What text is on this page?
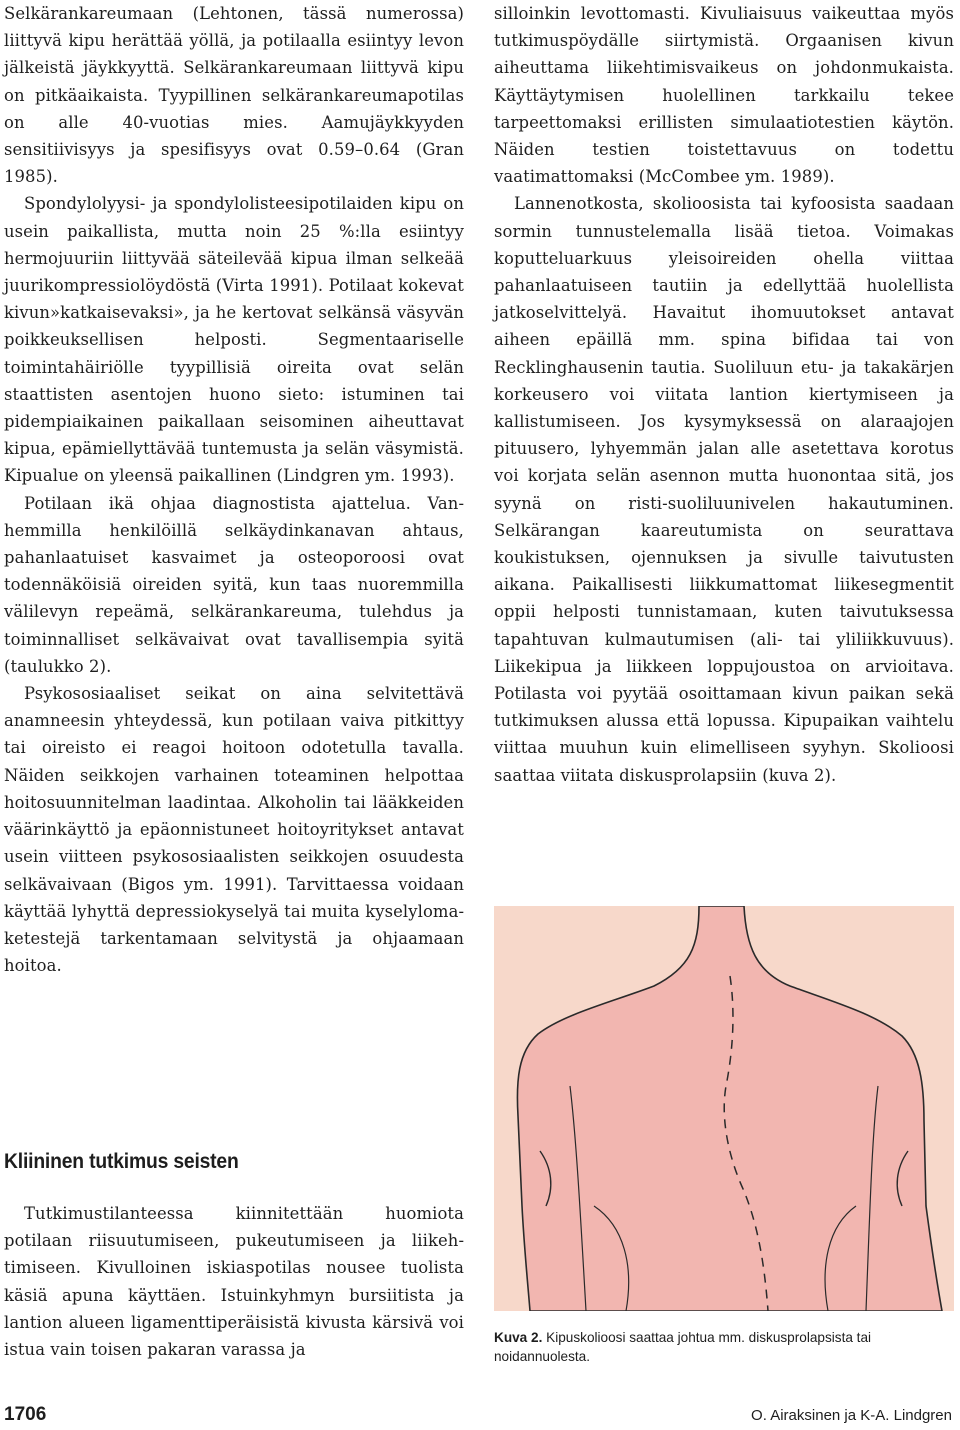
Selkärankareumaan (Lehtonen, tässä numerossa) liittyvä kipu herättää yöllä, ja potilaalla esiintyy levon jälkeistä jäykkyyttä. Selkärankareumaan liittyvä kipu on pitkäaikaista. Tyypillinen selkärankareumapotilas on alle 40-vuotias mies. Aamujäykkyyden sensitiivisyys ja spesifisyys ovat 0.59–0.64 (Gran 1985).

Spondylolyysi- ja spondylolisteesipotilaiden kipu on usein paikallista, mutta noin 25 %:lla esiintyy hermojuuriin liittyvää säteilevää kipua ilman selkeää juurikompressiolöydöstä (Virta 1991). Potilaat kokevat kivun»katkaisevaksi», ja he kertovat selkänsä väsyvän poikkeuksellisen helposti. Segmentaariselle toimintahäiriölle tyypillisiä oireita ovat selän staattisten asentojen huono sieto: istuminen tai pidempiaikainen paikallaan seisominen aiheuttavat kipua, epämiellyttävää tuntemusta ja selän väsymistä. Kipualue on yleensä paikallinen (Lindgren ym. 1993).

Potilaan ikä ohjaa diagnostista ajattelua. Vanhemmilla henkilöillä selkäydinkanavan ahtaus, pahanlaatuiset kasvaimet ja osteoporoosi ovat todennäköisiä oireiden syitä, kun taas nuoremmilla välilevyn repeämä, selkärankareuma, tulehdus ja toiminnalliset selkävaivat ovat tavallisempia syitä (taulukko 2).

Psykososiaaliset seikat on aina selvitettävä anamneesin yhteydessä, kun potilaan vaiva pitkittyy tai oireisto ei reagoi hoitoon odotetulla tavalla. Näiden seikkojen varhainen toteaminen helpottaa hoitosuunnitelman laadintaa. Alkoholin tai lääkkeiden väärinkäyttö ja epäonnistuneet hoitoyritykset antavat usein viitteen psykososiaalisten seikkojen osuudesta selkävaivaan (Bigos ym. 1991). Tarvittaessa voidaan käyttää lyhyttä depressiokyselyä tai muita kyselylomaketestejä tarkentamaan selvitystä ja ohjaamaan hoitoa.

Kliininen tutkimus seisten

Tutkimustilanteessa kiinnitettään huomiota potilaan riisuutumiseen, pukeutumiseen ja liikehtimiseen. Kivulloinen iskiaspotilas nousee tuolista käsiä apuna käyttäen. Istuinkyhmyn bursiitista ja lantion alueen ligamenttiperäisistä kivusta kärsivä voi istua vain toisen pakaran varassa ja

silloinkin levottomasti. Kivuliaisuus vaikeuttaa myös tutkimuspöydälle siirtymistä. Orgaanisen kivun aiheuttama liikehtimisvaikeus on johdonmukaista. Käyttäytymisen huolellinen tarkkailu tekee tarpeettomaksi erillisten simulaatiotestien käytön. Näiden testien toistettavuus on todettu vaatimattomaksi (McCombee ym. 1989).

Lannenotkosta, skolioosista tai kyfoosista saadaan sormin tunnustelemalla lisää tietoa. Voimakas koputteluarkuus yleisoireiden ohella viittaa pahanlaatuiseen tautiin ja edellyttää huolellista jatkoselvittelyä. Havaitut ihomuutokset antavat aiheen epäillä mm. spina bifidaa tai von Recklinghausenin tautia. Suoliluun etu- ja takakärjen korkeusero voi viitata lantion kiertymiseen ja kallistumiseen. Jos kysymyksessä on alaraajojen pituusero, lyhyemmän jalan alle asetettava korotus voi korjata selän asennon mutta huonontaa sitä, jos syynä on risti-suoliluunivelen hakautuminen. Selkärangan kaareutumista on seurattava koukistuksen, ojennuksen ja sivulle taivutusten aikana. Paikallisesti liikkumattomat liikesegmentit oppii helposti tunnistamaan, kuten taivutuksessa tapahtuvan kulmautumisen (ali- tai yliliikkuvuus). Liikekipua ja liikkeen loppujoustoa on arvioitava. Potilasta voi pyytää osoittamaan kivun paikan sekä tutkimuksen alussa että lopussa. Kipupaikan vaihtelu viittaa muuhun kuin elimelliseen syyhyn. Skolioosi saattaa viitata diskusprolapsiin (kuva 2).

Kuva 2. Kipuskolioosi saattaa johtua mm. diskusprolapsista tai noidannuolesta.

1706	O. Airaksinen ja K-A. Lindgren
